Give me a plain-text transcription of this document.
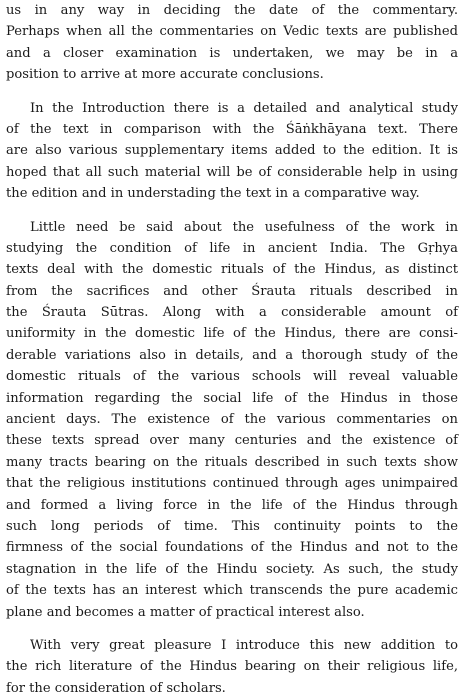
us in any way in deciding the date of the commentary.
Perhaps when all the commentaries on Vedic texts are published
and a closer examination is undertaken, we may be in a
position to arrive at more accurate conclusions.
In the Introduction there is a detailed and analytical study
of the text in comparison with the Śāṅkhāyana text. There
are also various supplementary items added to the edition. It is
hoped that all such material will be of considerable help in using
the edition and in understading the text in a comparative way.
Little need be said about the usefulness of the work in
studying the condition of life in ancient India. The Gṛhya
texts deal with the domestic rituals of the Hindus, as distinct
from the sacrifices and other Śrauta rituals described in
the Śrauta Sūtras. Along with a considerable amount of
uniformity in the domestic life of the Hindus, there are consi-
derable variations also in details, and a thorough study of the
domestic rituals of the various schools will reveal valuable
information regarding the social life of the Hindus in those
ancient days. The existence of the various commentaries on
these texts spread over many centuries and the existence of
many tracts bearing on the rituals described in such texts show
that the religious institutions continued through ages unimpaired
and formed a living force in the life of the Hindus through
such long periods of time. This continuity points to the
firmness of the social foundations of the Hindus and not to the
stagnation in the life of the Hindu society. As such, the study
of the texts has an interest which transcends the pure academic
plane and becomes a matter of practical interest also.
With very great pleasure I introduce this new addition to
the rich literature of the Hindus bearing on their religious life,
for the consideration of scholars.
